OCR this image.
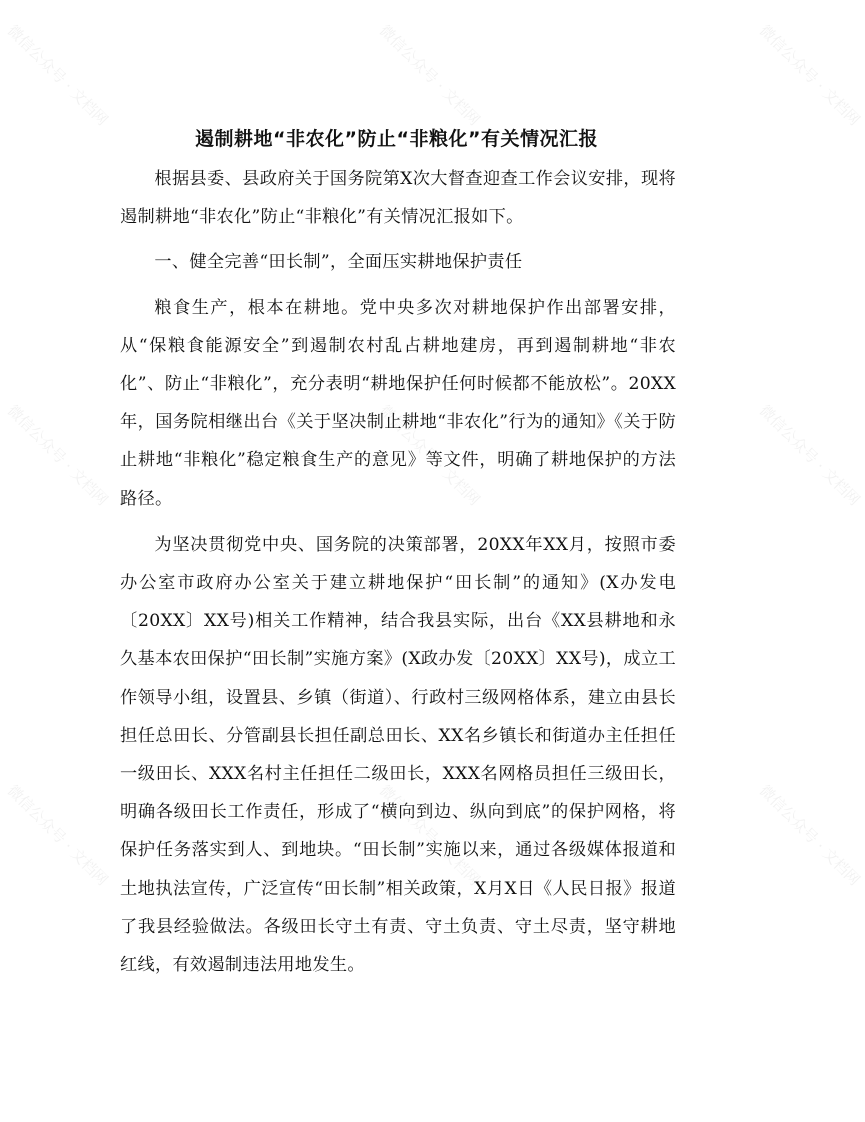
微信公众号 · 文档网	微信公众号 · 文档网	微信公众号 · 文档网
微信公众号 · 文档网	微信公众号 · 文档网	微信公众号 · 文档网
微信公众号 · 文档网	微信公众号 · 文档网	微信公众号 · 文档网
遏制耕地“非农化”防止“非粮化”有关情况汇报

根据县委、县政府关于国务院第X次大督查迎查工作会议安排，现将遏制耕地“非农化”防止“非粮化”有关情况汇报如下。

一、健全完善“田长制”，全面压实耕地保护责任

粮食生产，根本在耕地。党中央多次对耕地保护作出部署安排，从“保粮食能源安全”到遏制农村乱占耕地建房，再到遏制耕地“非农化”、防止“非粮化”，充分表明“耕地保护任何时候都不能放松”。20XX年，国务院相继出台《关于坚决制止耕地“非农化”行为的通知》《关于防止耕地“非粮化”稳定粮食生产的意见》等文件，明确了耕地保护的方法路径。

为坚决贯彻党中央、国务院的决策部署，20XX年XX月，按照市委办公室市政府办公室关于建立耕地保护“田长制”的通知》(X办发电〔20XX〕XX号)相关工作精神，结合我县实际，出台《XX县耕地和永久基本农田保护“田长制”实施方案》(X政办发〔20XX〕XX号)，成立工作领导小组，设置县、乡镇（街道）、行政村三级网格体系，建立由县长担任总田长、分管副县长担任副总田长、XX名乡镇长和街道办主任担任一级田长、XXX名村主任担任二级田长，XXX名网格员担任三级田长，明确各级田长工作责任，形成了“横向到边、纵向到底”的保护网格，将保护任务落实到人、到地块。“田长制”实施以来，通过各级媒体报道和土地执法宣传，广泛宣传“田长制”相关政策，X月X日《人民日报》报道了我县经验做法。各级田长守土有责、守土负责、守土尽责，坚守耕地红线，有效遏制违法用地发生。
